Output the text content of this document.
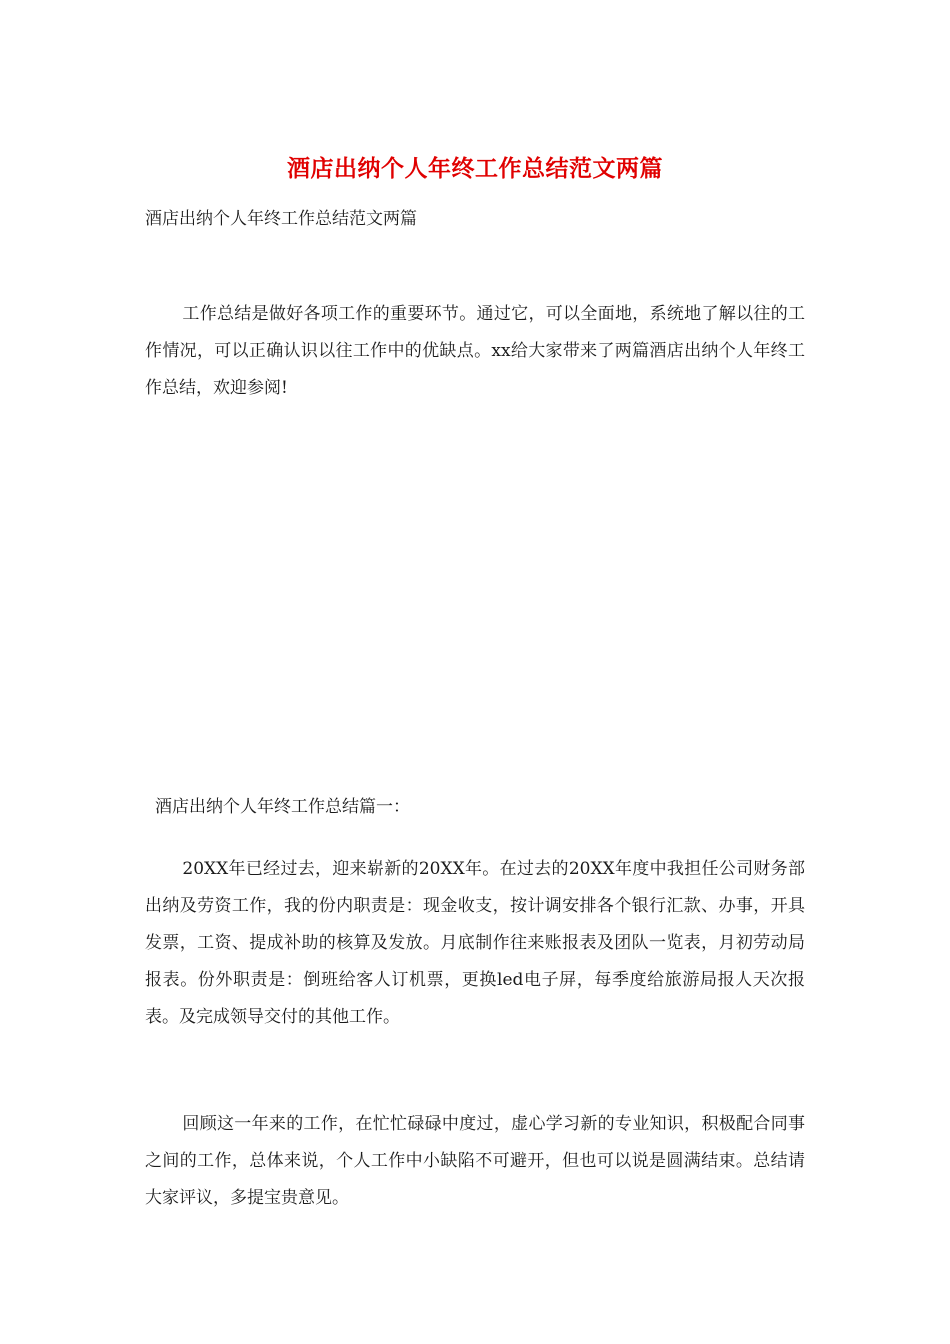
酒店出纳个人年终工作总结范文两篇
酒店出纳个人年终工作总结范文两篇
工作总结是做好各项工作的重要环节。通过它，可以全面地，系统地了解以往的工作情况，可以正确认识以往工作中的优缺点。xx给大家带来了两篇酒店出纳个人年终工作总结，欢迎参阅!
酒店出纳个人年终工作总结篇一：
20XX年已经过去，迎来崭新的20XX年。在过去的20XX年度中我担任公司财务部出纳及劳资工作，我的份内职责是：现金收支，按计调安排各个银行汇款、办事，开具发票，工资、提成补助的核算及发放。月底制作往来账报表及团队一览表，月初劳动局报表。份外职责是：倒班给客人订机票，更换led电子屏，每季度给旅游局报人天次报表。及完成领导交付的其他工作。
回顾这一年来的工作，在忙忙碌碌中度过，虚心学习新的专业知识，积极配合同事之间的工作，总体来说，个人工作中小缺陷不可避开，但也可以说是圆满结束。总结请大家评议，多提宝贵意见。
